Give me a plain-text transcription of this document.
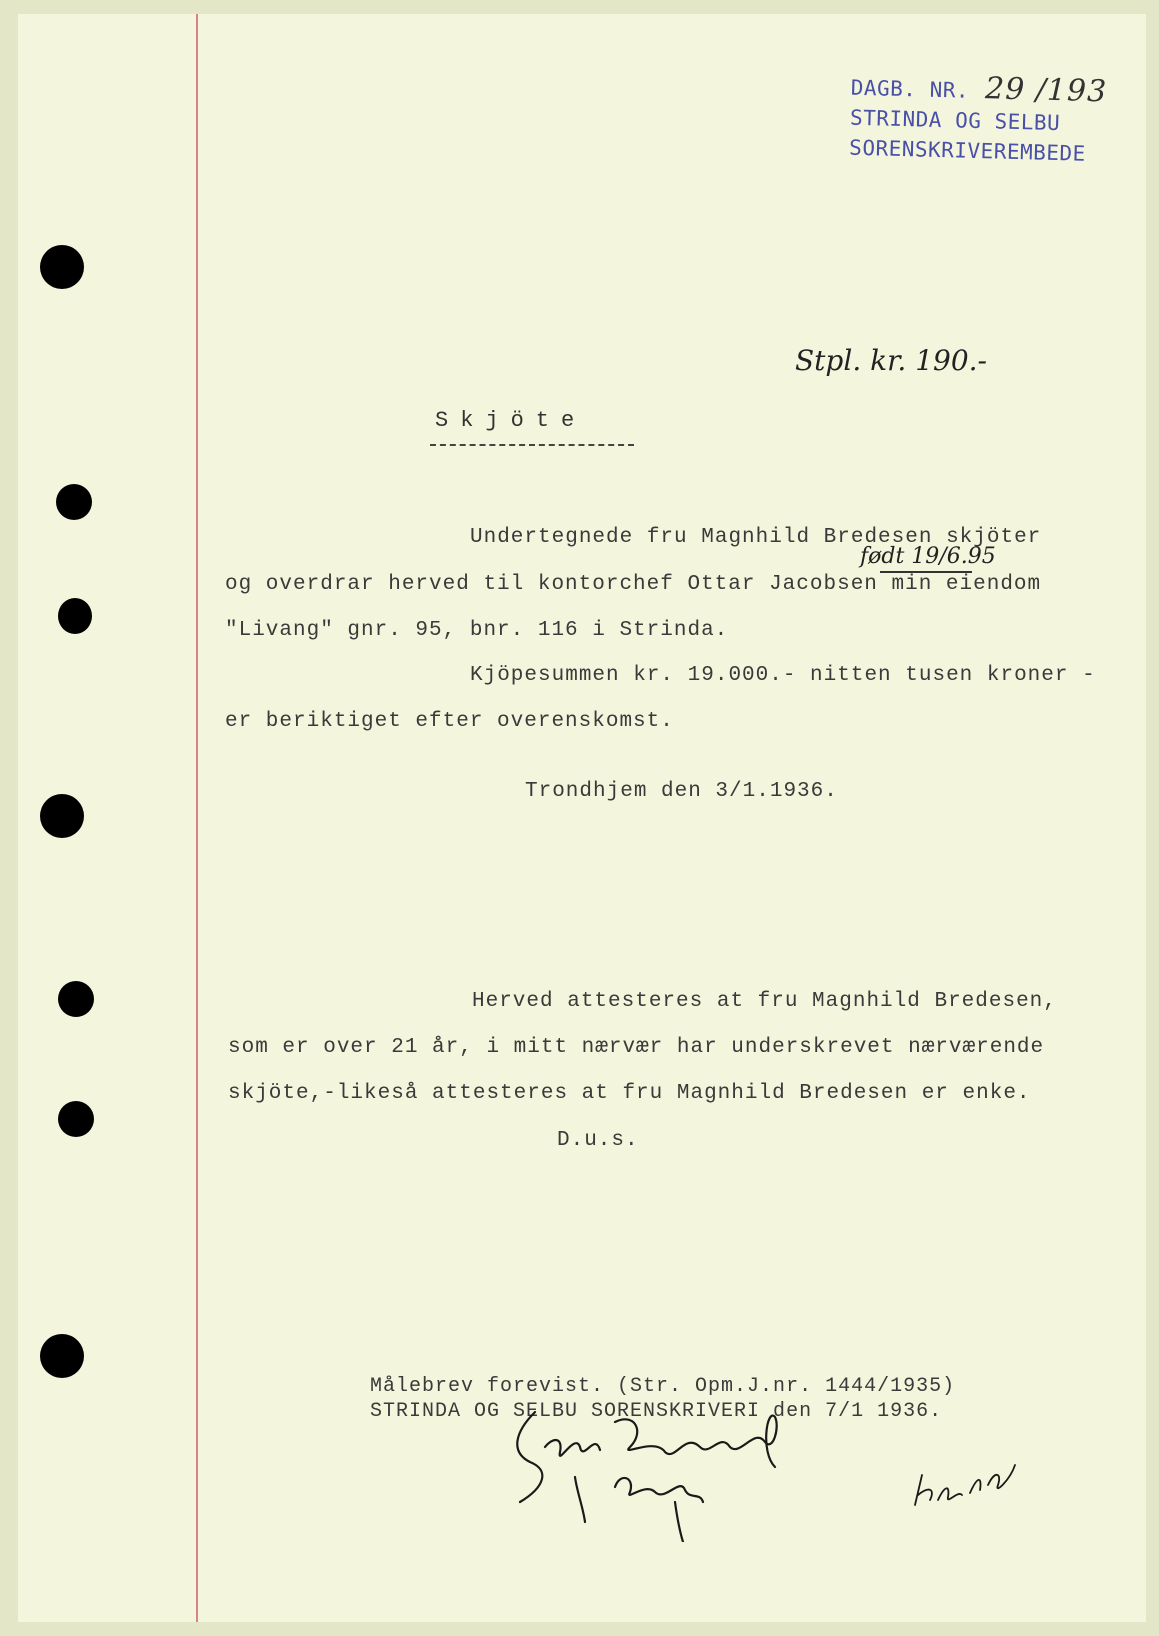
DAGB. NR. 29 /193
STRINDA OG SELBU
SORENSKRIVEREMBEDE
Stpl. kr. 190.-
Skjöte
Undertegnede fru Magnhild Bredesen skjöter
født 19/6.95
og overdrar herved til kontorchef Ottar Jacobsen min eiendom
"Livang" gnr. 95, bnr. 116 i Strinda.
Kjöpesummen kr. 19.000.- nitten tusen kroner -
er beriktiget efter overenskomst.
Trondhjem den 3/1.1936.
Herved attesteres at fru Magnhild Bredesen,
som er over 21 år, i mitt nærvær har underskrevet nærværende
skjöte,-likeså attesteres at fru Magnhild Bredesen er enke.
D.u.s.
Målebrev forevist. (Str. Opm.J.nr. 1444/1935)
STRINDA OG SELBU SORENSKRIVERI den 7/1 1936.
